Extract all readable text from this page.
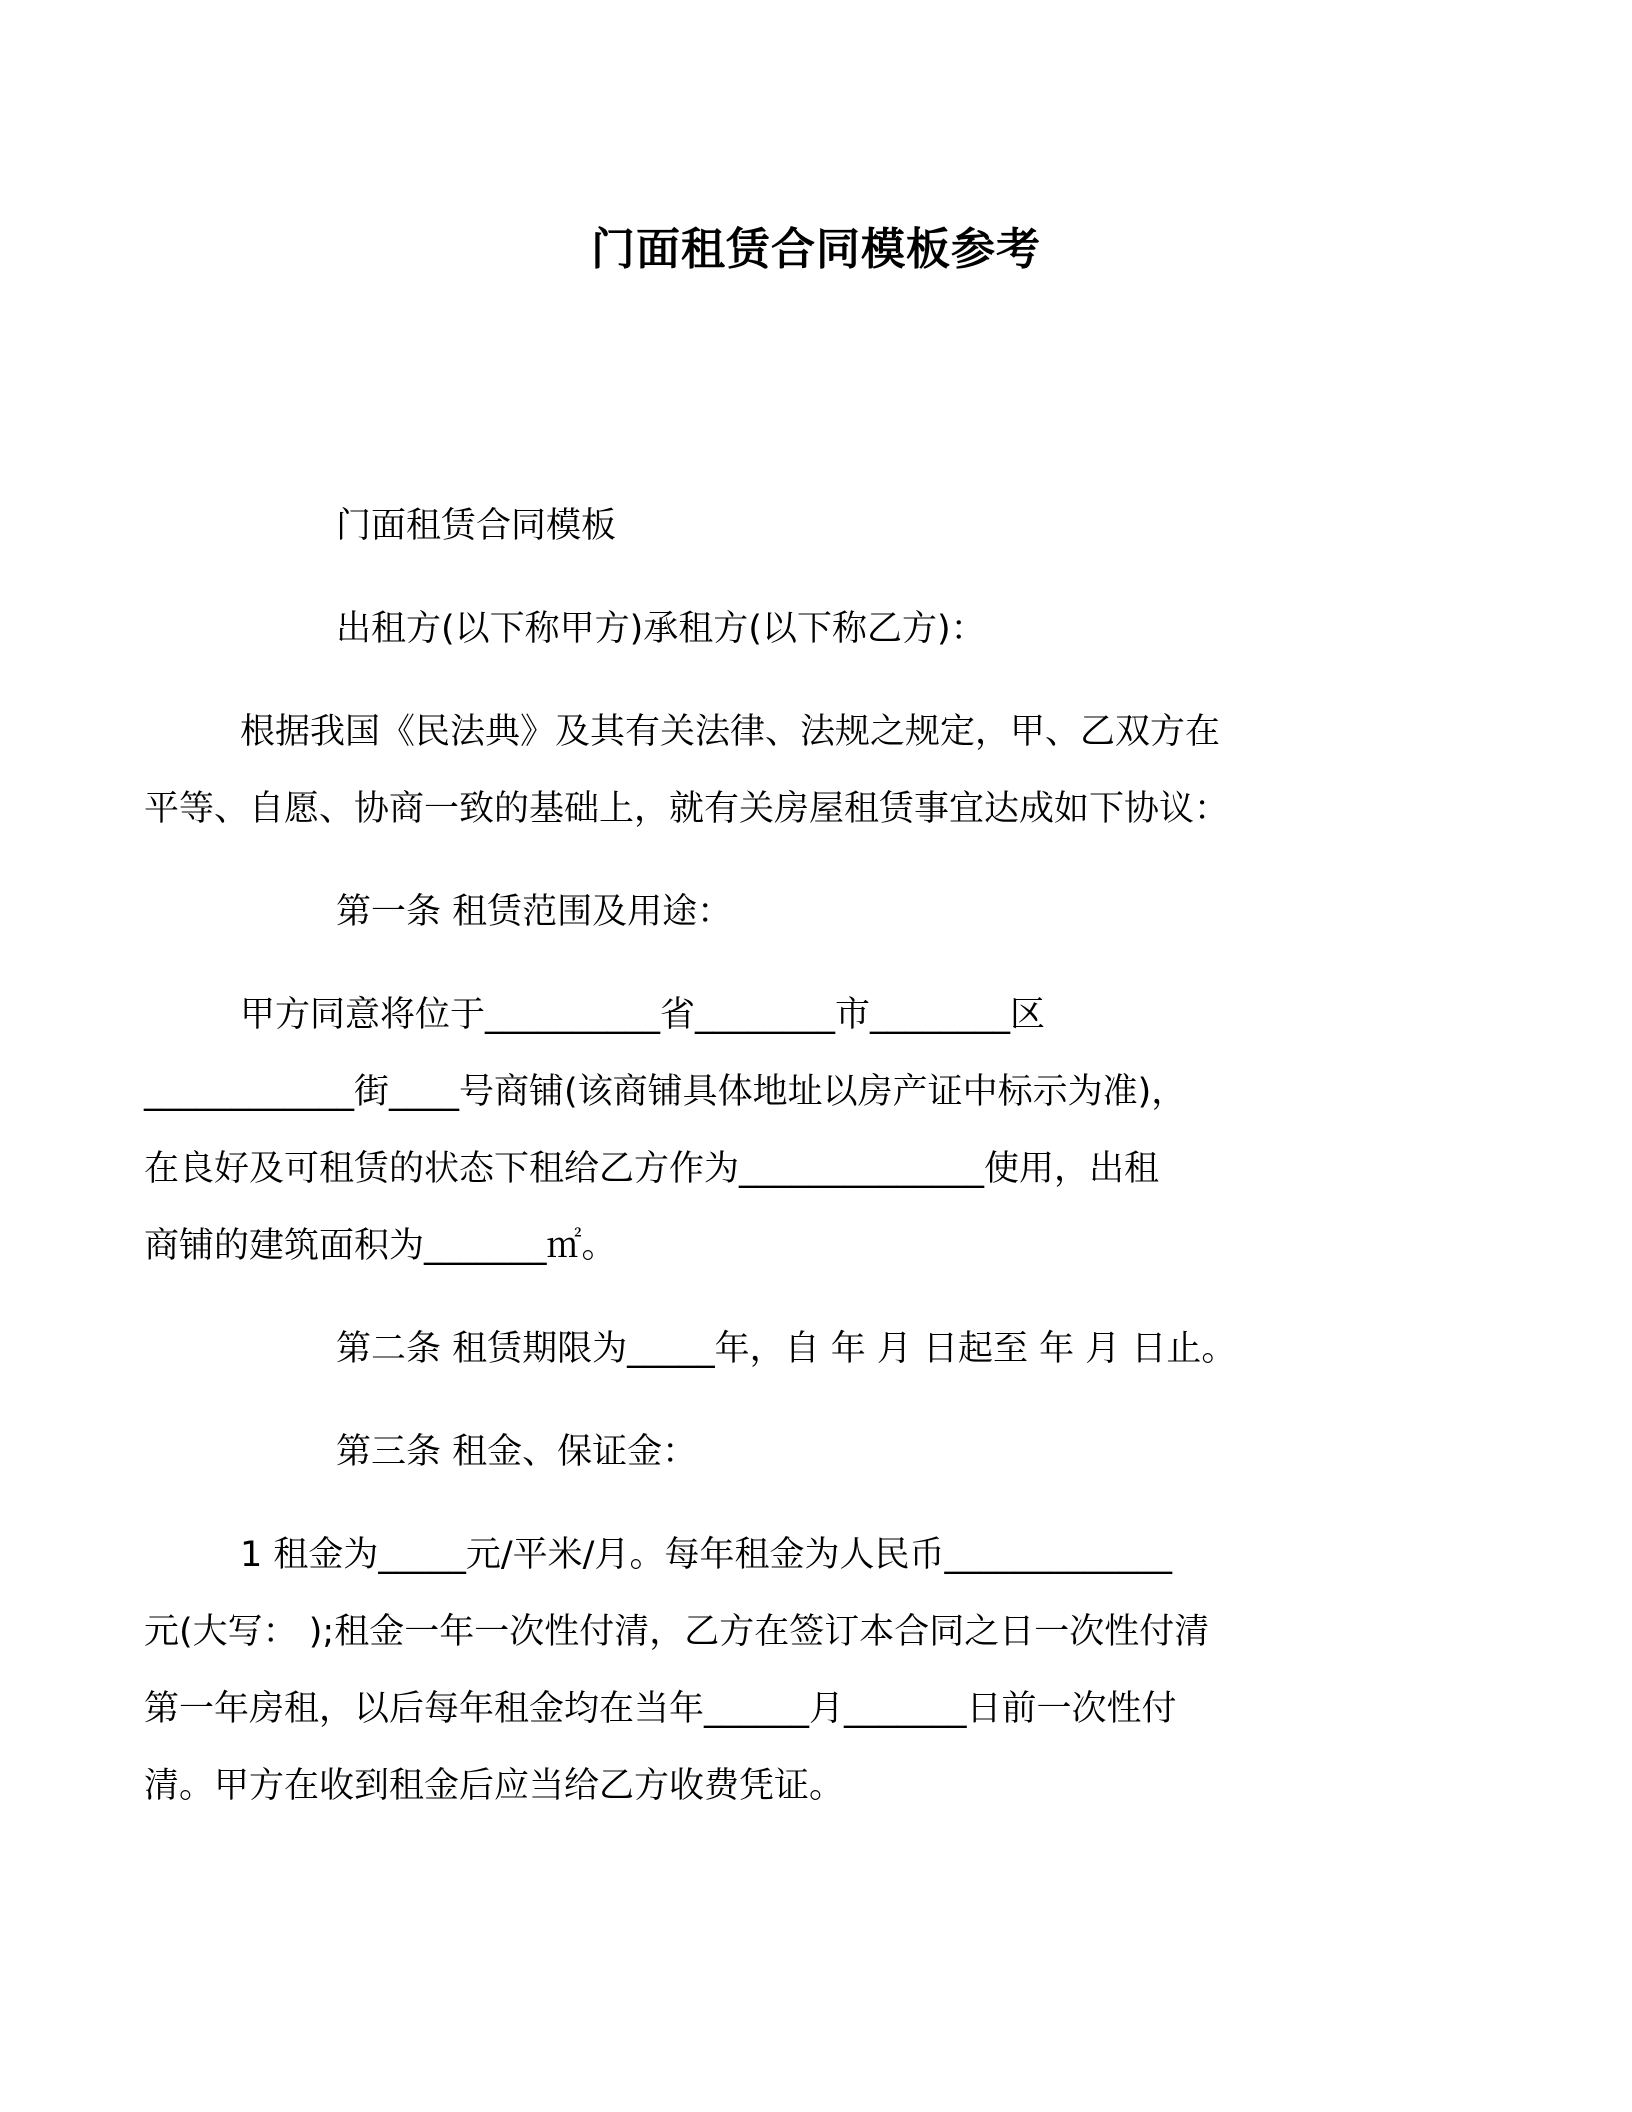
门面租赁合同模板参考

门面租赁合同模板

出租方(以下称甲方)承租方(以下称乙方)：

根据我国《民法典》及其有关法律、法规之规定，甲、乙双方在
平等、自愿、协商一致的基础上，就有关房屋租赁事宜达成如下协议：

第一条 租赁范围及用途：

甲方同意将位于__________省________市________区
____________街____号商铺(该商铺具体地址以房产证中标示为准)，
在良好及可租赁的状态下租给乙方作为______________使用，出租
商铺的建筑面积为_______㎡。

第二条 租赁期限为_____年，自 年 月 日起至 年 月 日止。

第三条 租金、保证金：

1 租金为_____元/平米/月。每年租金为人民币_____________
元(大写： );租金一年一次性付清，乙方在签订本合同之日一次性付清
第一年房租，以后每年租金均在当年______月_______日前一次性付
清。甲方在收到租金后应当给乙方收费凭证。
